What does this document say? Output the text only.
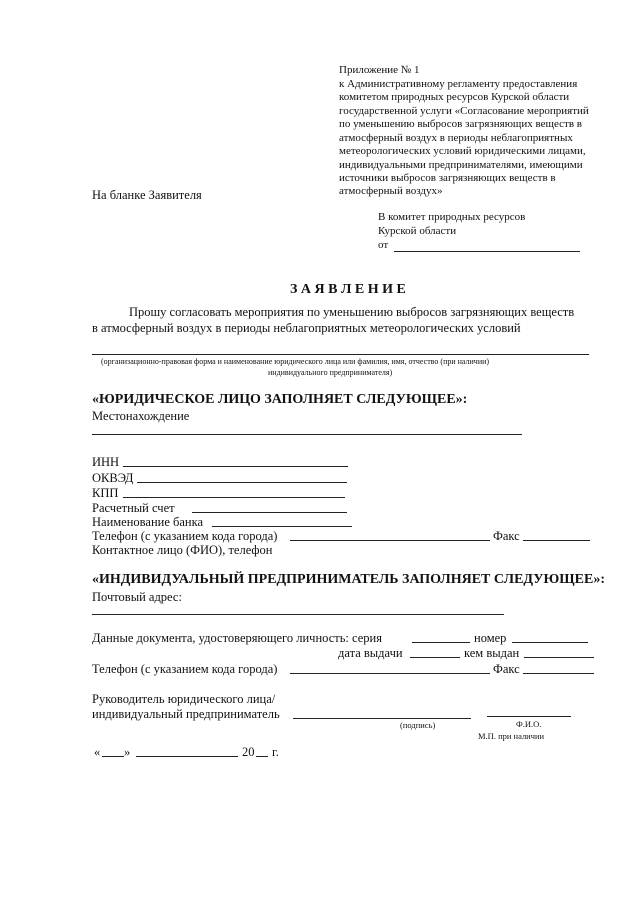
Приложение № 1
к Административному регламенту предоставления
комитетом природных ресурсов Курской области
государственной услуги «Согласование мероприятий
по уменьшению выбросов загрязняющих веществ в
атмосферный воздух в периоды неблагоприятных
метеорологических условий юридическими лицами,
индивидуальными предпринимателями, имеющими
источники выбросов загрязняющих веществ в
атмосферный воздух»
На бланке Заявителя
В комитет природных ресурсов
Курской области
от
З А Я В Л Е Н И Е
Прошу согласовать мероприятия по уменьшению выбросов загрязняющих веществ
в атмосферный воздух в периоды неблагоприятных метеорологических условий
(организационно-правовая форма и наименование юридического лица или фамилия, имя, отчество (при наличии)
индивидуального предпринимателя)
«ЮРИДИЧЕСКОЕ ЛИЦО ЗАПОЛНЯЕТ СЛЕДУЮЩЕЕ»:
Местонахождение
ИНН
ОКВЭД
КПП
Расчетный счет
Наименование банка
Телефон (с указанием кода города)	Факс
Контактное лицо (ФИО), телефон
«ИНДИВИДУАЛЬНЫЙ ПРЕДПРИНИМАТЕЛЬ ЗАПОЛНЯЕТ СЛЕДУЮЩЕЕ»:
Почтовый адрес:
Данные документа, удостоверяющего личность: серия	номер
дата выдачи	кем выдан
Телефон (с указанием кода города)	Факс
Руководитель юридического лица/
индивидуальный предприниматель
(подпись)	Ф.И.О.
М.П. при наличии
« »	20 г.
